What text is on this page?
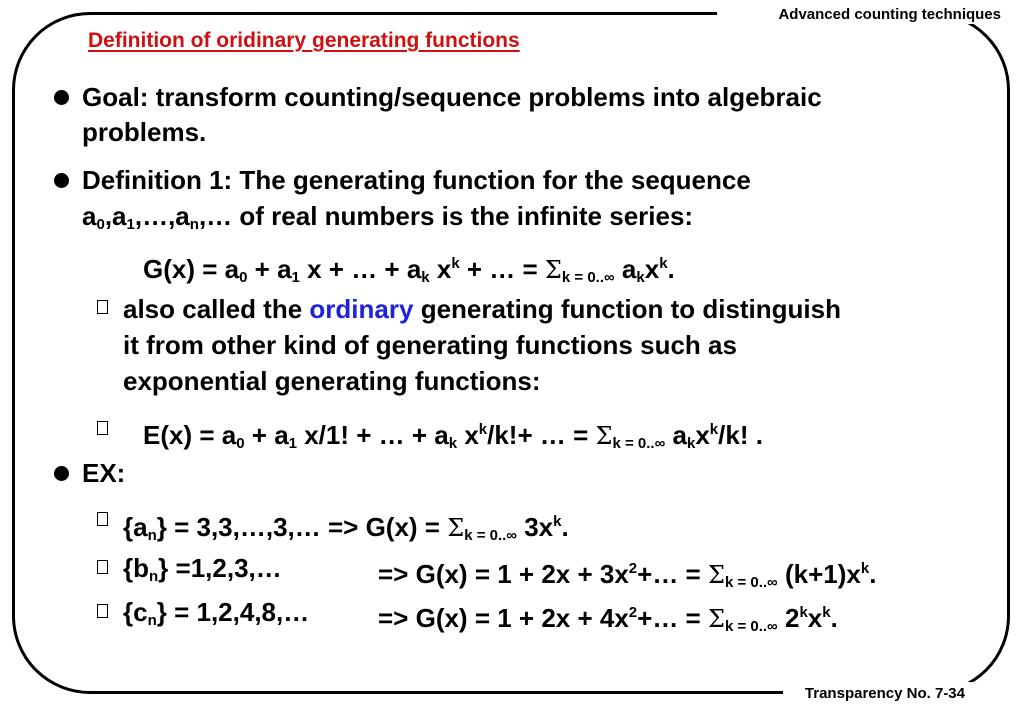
Advanced counting techniques
Transparency No. 7-34
Definition of oridinary generating functions
Goal: transform counting/sequence problems into algebraic
problems.
Definition 1: The generating function for the sequence
$a_0,a_1,\dots,a_n,\dots$ of real numbers is the infinite series:
$G(x) = a_0 + a_1$ x + … + $a_k$ $x^k$ + … = $\Sigma_{k = 0..\infty}$ $a_kx^k$.
also called the ordinary generating function to distinguish
it from other kind of generating functions such as
exponential generating functions:
$E(x) = a_0 + a_1$ x/1! + … + $a_k$ $x^k/k!+$ … = $\Sigma_{k = 0..\infty}$ $a_kx^k/k$! .
EX:
$\{a_n\}$ = 3,3,…,3,… => $G(x) = \Sigma_{k = 0..\infty}$ $3x^k$.
$\{b_n\}$ =1,2,3,…	=> $G(x) = 1 + 2x + 3x^2+\dots = \Sigma_{k = 0..\infty}$ $(k+1)x^k$.
$\{c_n\}$ = 1,2,4,8,…	=> $G(x) = 1 + 2x + 4x^2+\dots = \Sigma_{k = 0..\infty}$ $2^kx^k$.
